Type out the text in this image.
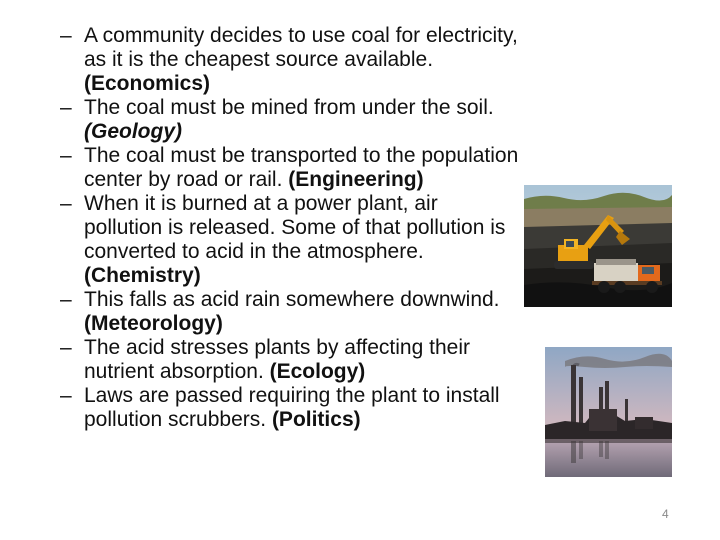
– A community decides to use coal for electricity, as it is the cheapest source available. (Economics)
– The coal must be mined from under the soil. (Geology)
– The coal must be transported to the population center by road or rail. (Engineering)
– When it is burned at a power plant, air pollution is released. Some of that pollution is converted to acid in the atmosphere. (Chemistry)
– This falls as acid rain somewhere downwind. (Meteorology)
– The acid stresses plants by affecting their nutrient absorption. (Ecology)
– Laws are passed requiring the plant to install pollution scrubbers. (Politics)
4
